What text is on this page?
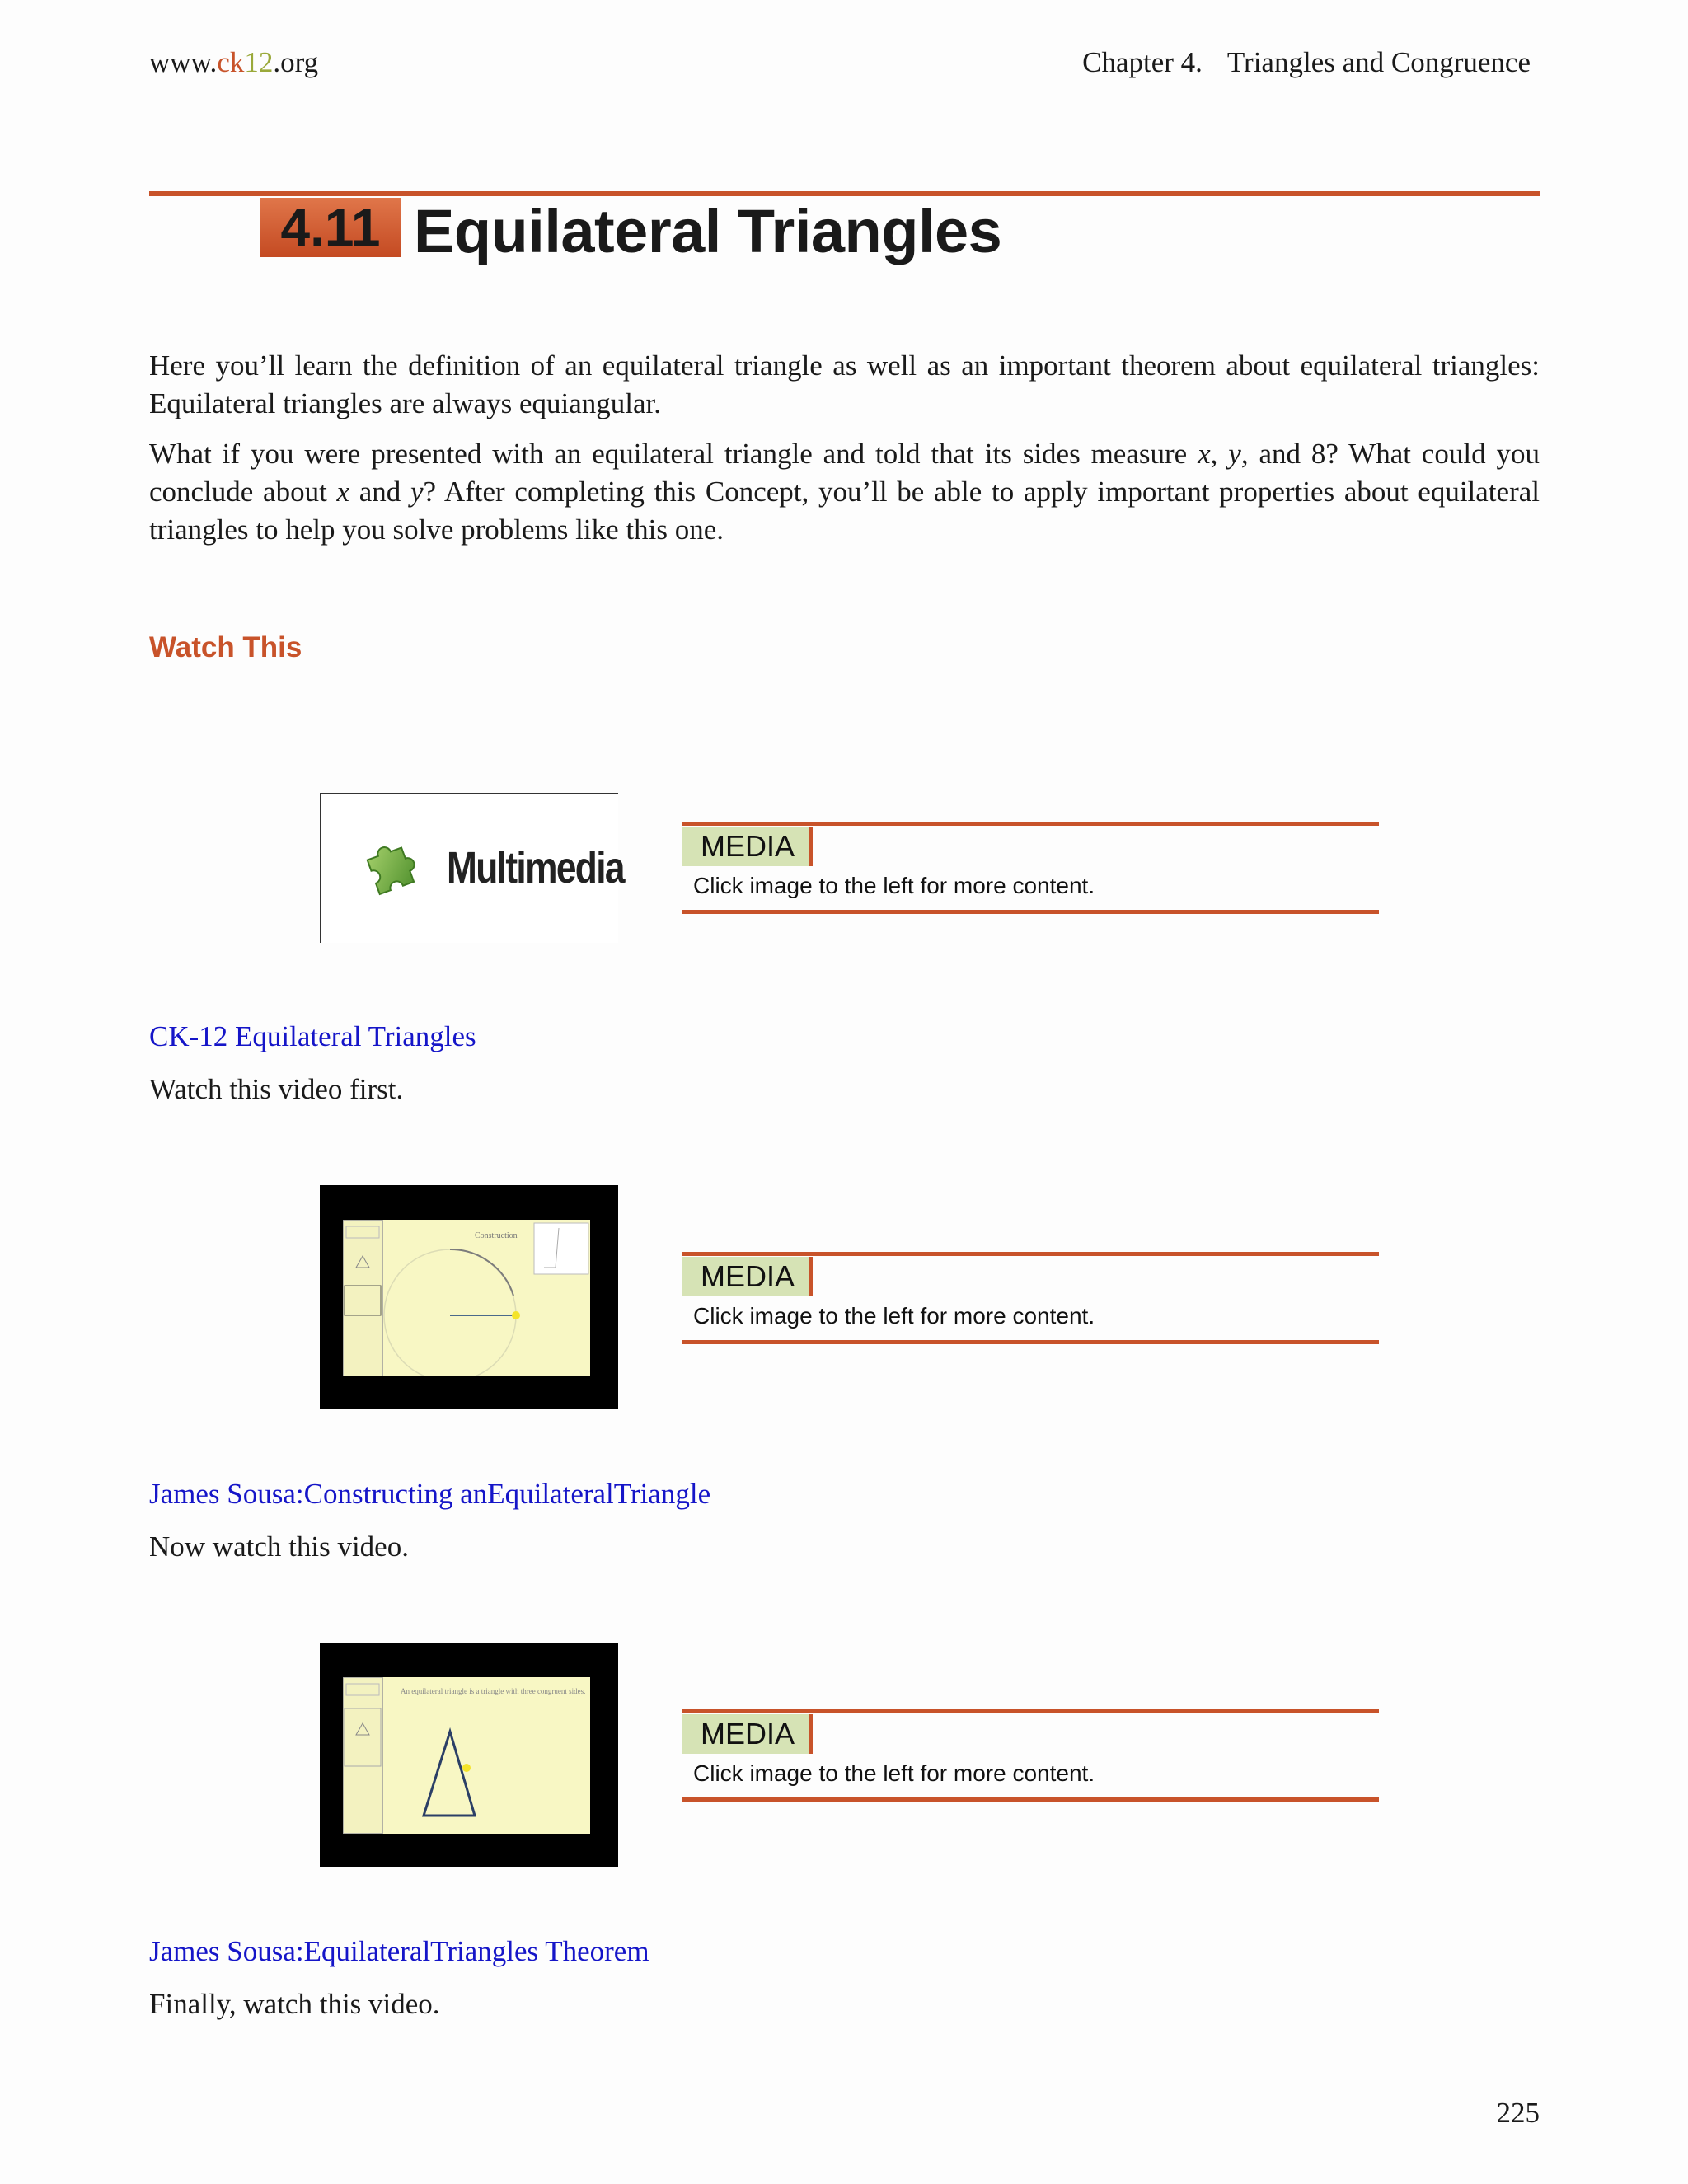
www.ck12.org	Chapter 4. Triangles and Congruence
4.11 Equilateral Triangles
Here you’ll learn the definition of an equilateral triangle as well as an important theorem about equilateral triangles: Equilateral triangles are always equiangular.
What if you were presented with an equilateral triangle and told that its sides measure x, y, and 8? What could you conclude about x and y? After completing this Concept, you’ll be able to apply important properties about equilateral triangles to help you solve problems like this one.
Watch This
Multimedia	MEDIA
Click image to the left for more content.
CK-12 Equilateral Triangles
Watch this video first.
Construction
MEDIA
Click image to the left for more content.
James Sousa:Constructing anEquilateralTriangle
Now watch this video.
An equilateral triangle is a triangle with three congruent sides.
MEDIA
Click image to the left for more content.
James Sousa:EquilateralTriangles Theorem
Finally, watch this video.
225
